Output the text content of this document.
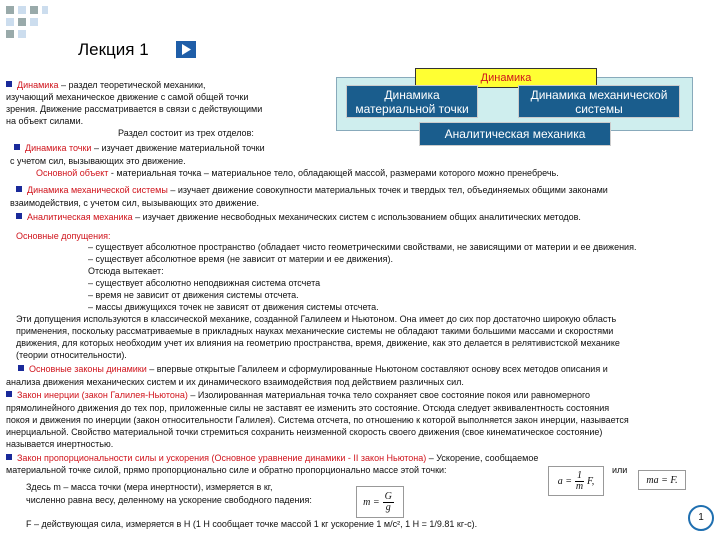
Лекция 1
Динамика
Динамика материальной точки
Динамика механической системы
Аналитическая механика
Динамика – раздел теоретической механики,
изучающий механическое движение с самой общей точки
зрения. Движение рассматривается в связи с действующими
на объект силами.
Раздел состоит из трех отделов:
Динамика точки – изучает движение материальной точки
с учетом сил, вызывающих это движение.
Основной объект - материальная точка – материальное тело, обладающей массой, размерами которого можно пренебречь.
Динамика механической системы – изучает движение совокупности материальных точек и твердых тел, объединяемых общими законами
взаимодействия, с учетом сил, вызывающих это движение.
Аналитическая механика – изучает движение несвободных механических систем с использованием общих аналитических методов.
Основные допущения:
– существует абсолютное пространство (обладает чисто геометрическими свойствами, не зависящими от материи и ее движения.
– существует абсолютное время (не зависит от материи и ее движения).
Отсюда вытекает:
– существует абсолютно неподвижная система отсчета
– время не зависит от движения системы отсчета.
– массы движущихся точек не зависят от движения системы отсчета.
Эти допущения используются в классической механике, созданной Галилеем и Ньютоном. Она имеет до сих пор достаточно широкую область
применения, поскольку рассматриваемые в прикладных науках механические системы не обладают такими большими массами и скоростями
движения, для которых необходим учет их влияния на геометрию пространства, время, движение, как это делается в релятивистской механике
(теории относительности).
Основные законы динамики – впервые открытые Галилеем и сформулированные Ньютоном составляют основу всех методов описания и
анализа движения механических систем и их динамического взаимодействия под действием различных сил.
Закон инерции (закон Галилея-Ньютона) – Изолированная материальная точка тело сохраняет свое состояние покоя или равномерного
прямолинейного движения до тех пор, приложенные силы не заставят ее изменить это состояние. Отсюда следует эквивалентность состояния
покоя и движения по инерции (закон относительности Галилея). Система отсчета, по отношению к которой выполняется закон инерции, называется
инерциальной. Свойство материальной точки стремиться сохранить неизменной скорость своего движения (свое кинематическое состояние)
называется инертностью.
Закон пропорциональности силы и ускорения (Основное уравнение динамики - II закон Ньютона) – Ускорение, сообщаемое
материальной точке силой, прямо пропорционально силе и обратно пропорционально массе этой точки:	или
$a = \frac{1}{m} F$,	ma = F.
$m = \frac{G}{g}$
Здесь m – масса точки (мера инертности), измеряется в кг,
численно равна весу, деленному на ускорение свободного падения:
F – действующая сила, измеряется в Н (1 Н сообщает точке массой 1 кг ускорение 1 м/с², 1 Н = 1/9.81 кг-с).
1
